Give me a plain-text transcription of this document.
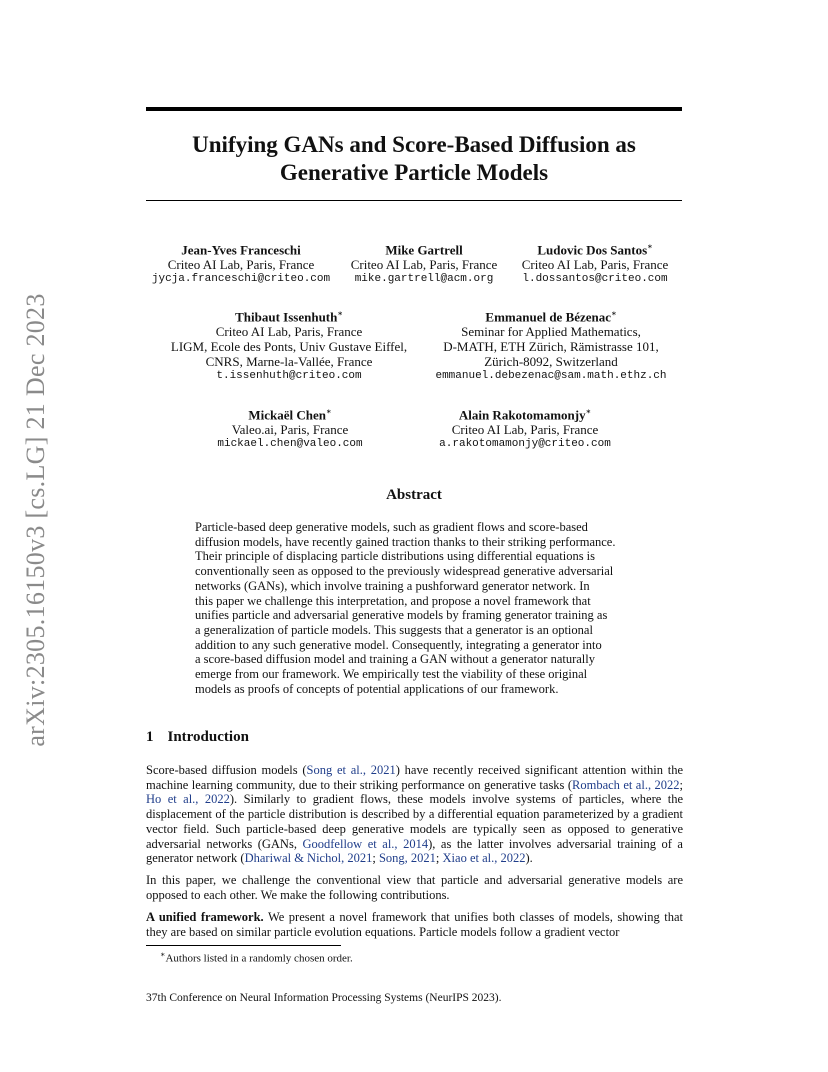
arXiv:2305.16150v3 [cs.LG] 21 Dec 2023
Unifying GANs and Score-Based Diffusion as
Generative Particle Models
Jean-Yves Franceschi
Criteo AI Lab, Paris, France
jycja.franceschi@criteo.com
Mike Gartrell
Criteo AI Lab, Paris, France
mike.gartrell@acm.org
Ludovic Dos Santos∗
Criteo AI Lab, Paris, France
l.dossantos@criteo.com
Thibaut Issenhuth∗
Criteo AI Lab, Paris, France
LIGM, Ecole des Ponts, Univ Gustave Eiffel,
CNRS, Marne-la-Vallée, France
t.issenhuth@criteo.com
Emmanuel de Bézenac∗
Seminar for Applied Mathematics,
D-MATH, ETH Zürich, Rämistrasse 101,
Zürich-8092, Switzerland
emmanuel.debezenac@sam.math.ethz.ch
Mickaël Chen∗
Valeo.ai, Paris, France
mickael.chen@valeo.com
Alain Rakotomamonjy∗
Criteo AI Lab, Paris, France
a.rakotomamonjy@criteo.com
Abstract
Particle-based deep generative models, such as gradient flows and score-based
diffusion models, have recently gained traction thanks to their striking performance.
Their principle of displacing particle distributions using differential equations is
conventionally seen as opposed to the previously widespread generative adversarial
networks (GANs), which involve training a pushforward generator network. In
this paper we challenge this interpretation, and propose a novel framework that
unifies particle and adversarial generative models by framing generator training as
a generalization of particle models. This suggests that a generator is an optional
addition to any such generative model. Consequently, integrating a generator into
a score-based diffusion model and training a GAN without a generator naturally
emerge from our framework. We empirically test the viability of these original
models as proofs of concepts of potential applications of our framework.
1 Introduction
Score-based diffusion models (Song et al., 2021) have recently received significant attention within the machine learning community, due to their striking performance on generative tasks (Rombach et al., 2022; Ho et al., 2022). Similarly to gradient flows, these models involve systems of particles, where the displacement of the particle distribution is described by a differential equation parameterized by a gradient vector field. Such particle-based deep generative models are typically seen as opposed to generative adversarial networks (GANs, Goodfellow et al., 2014), as the latter involves adversarial training of a generator network (Dhariwal & Nichol, 2021; Song, 2021; Xiao et al., 2022).
In this paper, we challenge the conventional view that particle and adversarial generative models are opposed to each other. We make the following contributions.
A unified framework. We present a novel framework that unifies both classes of models, showing that they are based on similar particle evolution equations. Particle models follow a gradient vector
∗Authors listed in a randomly chosen order.
37th Conference on Neural Information Processing Systems (NeurIPS 2023).
